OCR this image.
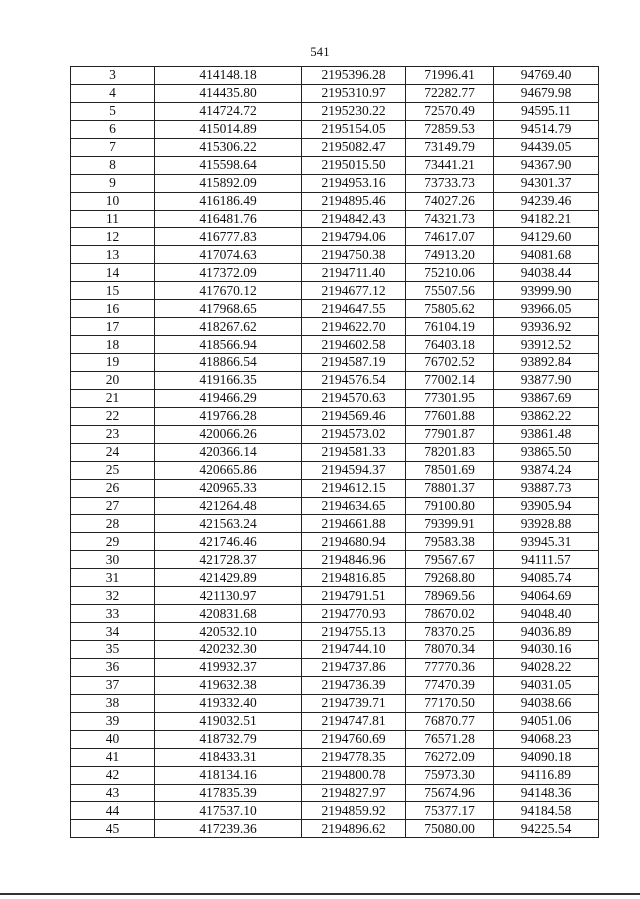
541
3	414148.18	2195396.28	71996.41	94769.40
4	414435.80	2195310.97	72282.77	94679.98
5	414724.72	2195230.22	72570.49	94595.11
6	415014.89	2195154.05	72859.53	94514.79
7	415306.22	2195082.47	73149.79	94439.05
8	415598.64	2195015.50	73441.21	94367.90
9	415892.09	2194953.16	73733.73	94301.37
10	416186.49	2194895.46	74027.26	94239.46
11	416481.76	2194842.43	74321.73	94182.21
12	416777.83	2194794.06	74617.07	94129.60
13	417074.63	2194750.38	74913.20	94081.68
14	417372.09	2194711.40	75210.06	94038.44
15	417670.12	2194677.12	75507.56	93999.90
16	417968.65	2194647.55	75805.62	93966.05
17	418267.62	2194622.70	76104.19	93936.92
18	418566.94	2194602.58	76403.18	93912.52
19	418866.54	2194587.19	76702.52	93892.84
20	419166.35	2194576.54	77002.14	93877.90
21	419466.29	2194570.63	77301.95	93867.69
22	419766.28	2194569.46	77601.88	93862.22
23	420066.26	2194573.02	77901.87	93861.48
24	420366.14	2194581.33	78201.83	93865.50
25	420665.86	2194594.37	78501.69	93874.24
26	420965.33	2194612.15	78801.37	93887.73
27	421264.48	2194634.65	79100.80	93905.94
28	421563.24	2194661.88	79399.91	93928.88
29	421746.46	2194680.94	79583.38	93945.31
30	421728.37	2194846.96	79567.67	94111.57
31	421429.89	2194816.85	79268.80	94085.74
32	421130.97	2194791.51	78969.56	94064.69
33	420831.68	2194770.93	78670.02	94048.40
34	420532.10	2194755.13	78370.25	94036.89
35	420232.30	2194744.10	78070.34	94030.16
36	419932.37	2194737.86	77770.36	94028.22
37	419632.38	2194736.39	77470.39	94031.05
38	419332.40	2194739.71	77170.50	94038.66
39	419032.51	2194747.81	76870.77	94051.06
40	418732.79	2194760.69	76571.28	94068.23
41	418433.31	2194778.35	76272.09	94090.18
42	418134.16	2194800.78	75973.30	94116.89
43	417835.39	2194827.97	75674.96	94148.36
44	417537.10	2194859.92	75377.17	94184.58
45	417239.36	2194896.62	75080.00	94225.54
